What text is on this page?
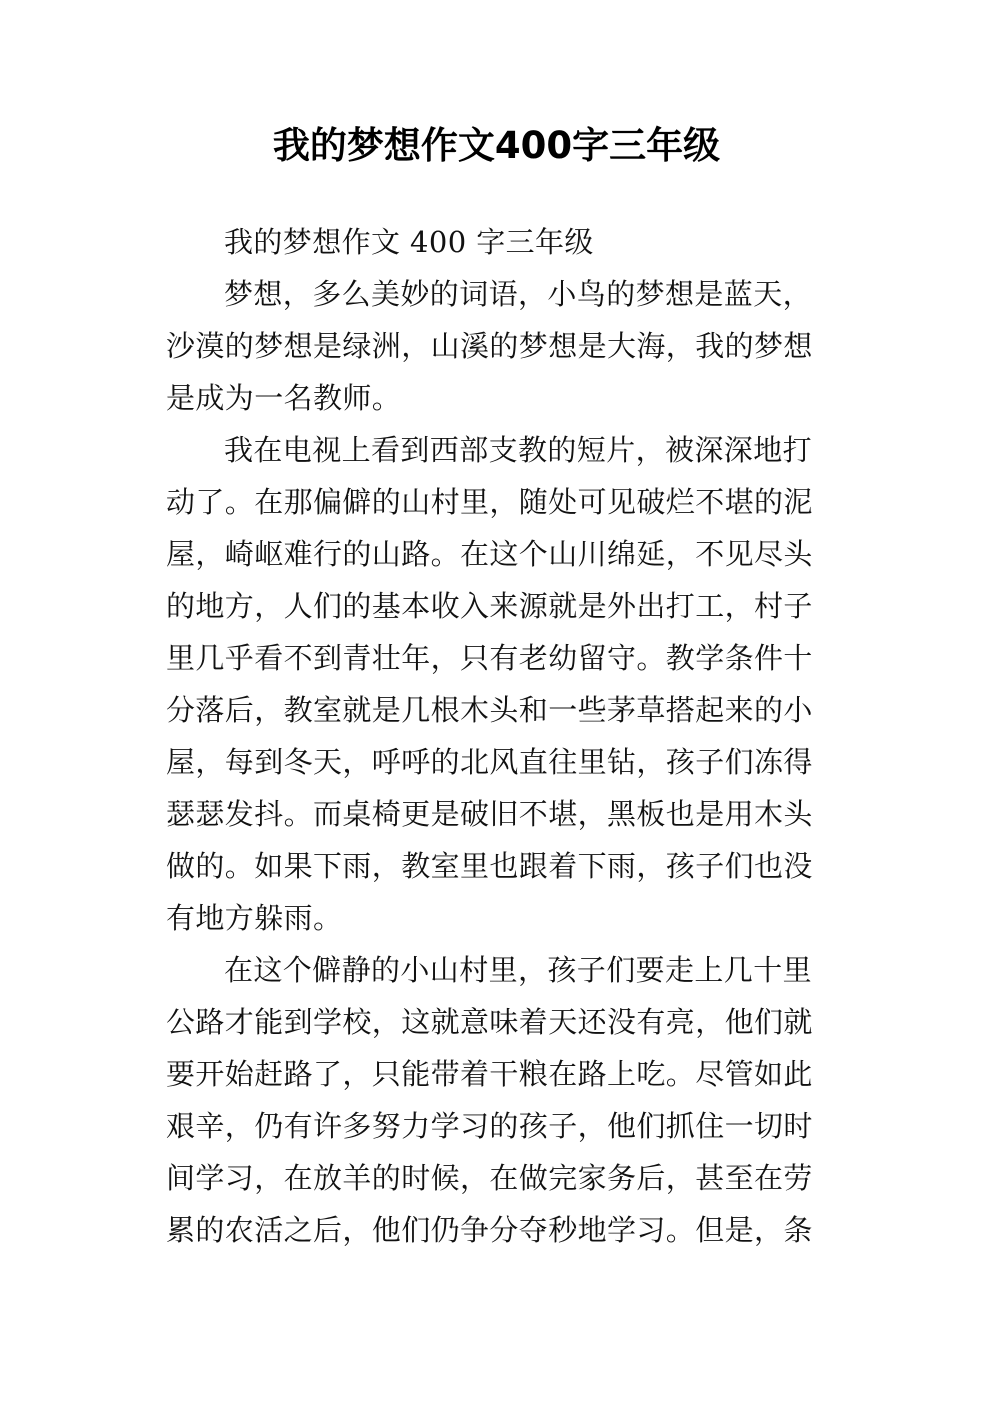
我的梦想作文400字三年级
我的梦想作文 400 字三年级
梦想，多么美妙的词语，小鸟的梦想是蓝天，
沙漠的梦想是绿洲，山溪的梦想是大海，我的梦想
是成为一名教师。
我在电视上看到西部支教的短片，被深深地打
动了。在那偏僻的山村里，随处可见破烂不堪的泥
屋，崎岖难行的山路。在这个山川绵延，不见尽头
的地方，人们的基本收入来源就是外出打工，村子
里几乎看不到青壮年，只有老幼留守。教学条件十
分落后，教室就是几根木头和一些茅草搭起来的小
屋，每到冬天，呼呼的北风直往里钻，孩子们冻得
瑟瑟发抖。而桌椅更是破旧不堪，黑板也是用木头
做的。如果下雨，教室里也跟着下雨，孩子们也没
有地方躲雨。
在这个僻静的小山村里，孩子们要走上几十里
公路才能到学校，这就意味着天还没有亮，他们就
要开始赶路了，只能带着干粮在路上吃。尽管如此
艰辛，仍有许多努力学习的孩子，他们抓住一切时
间学习，在放羊的时候，在做完家务后，甚至在劳
累的农活之后，他们仍争分夺秒地学习。但是，条
